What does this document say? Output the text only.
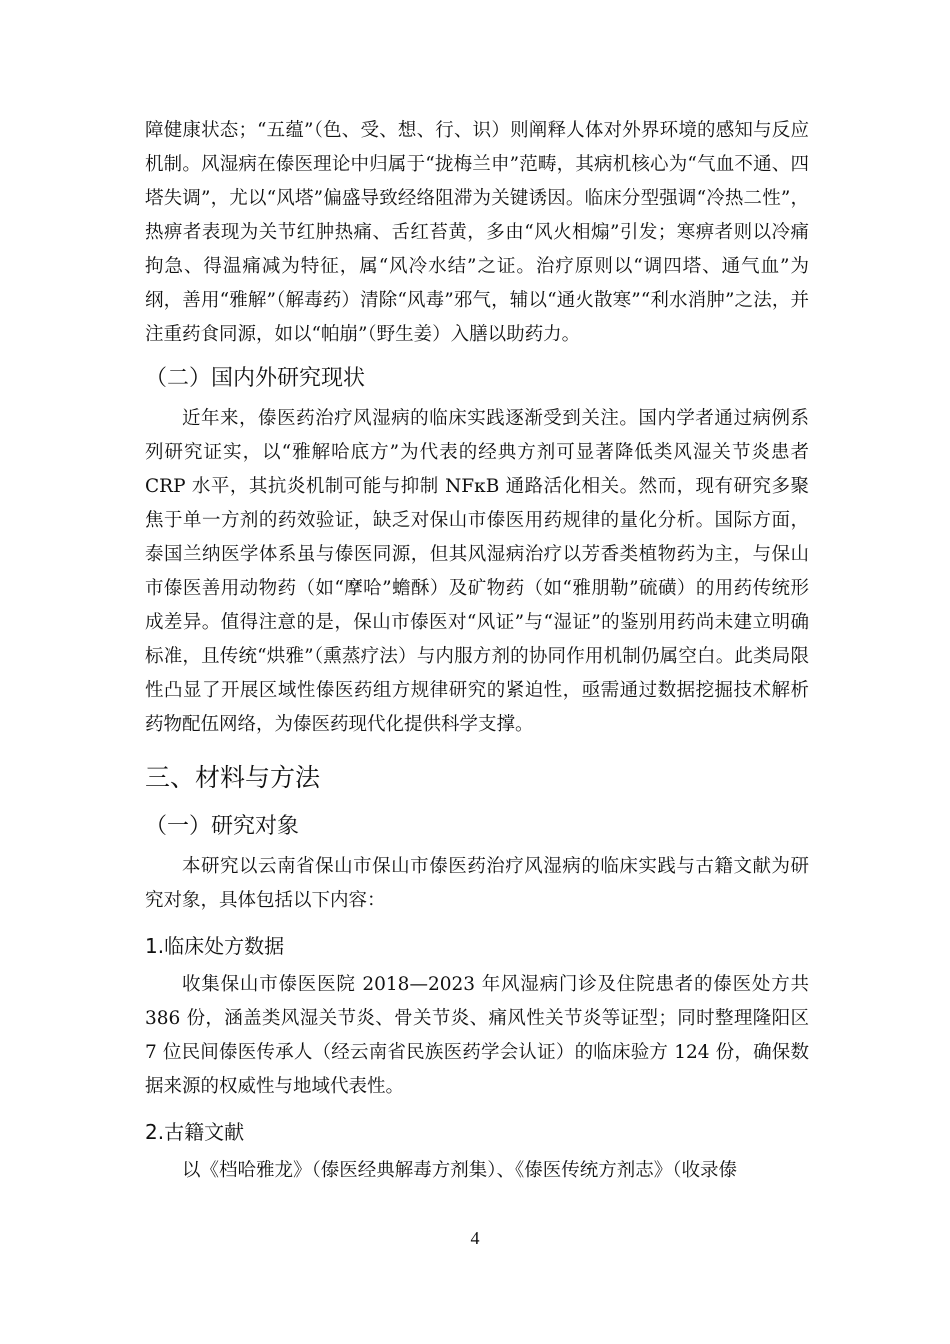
障健康状态；“五蕴”（色、受、想、行、识）则阐释人体对外界环境的感知与反应机制。风湿病在傣医理论中归属于“拢梅兰申”范畴，其病机核心为“气血不通、四塔失调”，尤以“风塔”偏盛导致经络阻滞为关键诱因。临床分型强调“冷热二性”，热痹者表现为关节红肿热痛、舌红苔黄，多由“风火相煽”引发；寒痹者则以冷痛拘急、得温痛减为特征，属“风冷水结”之证。治疗原则以“调四塔、通气血”为纲，善用“雅解”（解毒药）清除“风毒”邪气，辅以“通火散寒”“利水消肿”之法，并注重药食同源，如以“帕崩”（野生姜）入膳以助药力。

（二）国内外研究现状

近年来，傣医药治疗风湿病的临床实践逐渐受到关注。国内学者通过病例系列研究证实，以“雅解哈底方”为代表的经典方剂可显著降低类风湿关节炎患者 CRP 水平，其抗炎机制可能与抑制 NFκB 通路活化相关。然而，现有研究多聚焦于单一方剂的药效验证，缺乏对保山市傣医用药规律的量化分析。国际方面，泰国兰纳医学体系虽与傣医同源，但其风湿病治疗以芳香类植物药为主，与保山市傣医善用动物药（如“摩哈”蟾酥）及矿物药（如“雅朋勒”硫磺）的用药传统形成差异。值得注意的是，保山市傣医对“风证”与“湿证”的鉴别用药尚未建立明确标准，且传统“烘雅”（熏蒸疗法）与内服方剂的协同作用机制仍属空白。此类局限性凸显了开展区域性傣医药组方规律研究的紧迫性，亟需通过数据挖掘技术解析药物配伍网络，为傣医药现代化提供科学支撑。

三、材料与方法
（一）研究对象

本研究以云南省保山市保山市傣医药治疗风湿病的临床实践与古籍文献为研究对象，具体包括以下内容：

1.临床处方数据

收集保山市傣医医院 2018—2023 年风湿病门诊及住院患者的傣医处方共 386 份，涵盖类风湿关节炎、骨关节炎、痛风性关节炎等证型；同时整理隆阳区 7 位民间傣医传承人（经云南省民族医药学会认证）的临床验方 124 份，确保数据来源的权威性与地域代表性。

2.古籍文献

以《档哈雅龙》（傣医经典解毒方剂集）、《傣医传统方剂志》（收录傣

4
